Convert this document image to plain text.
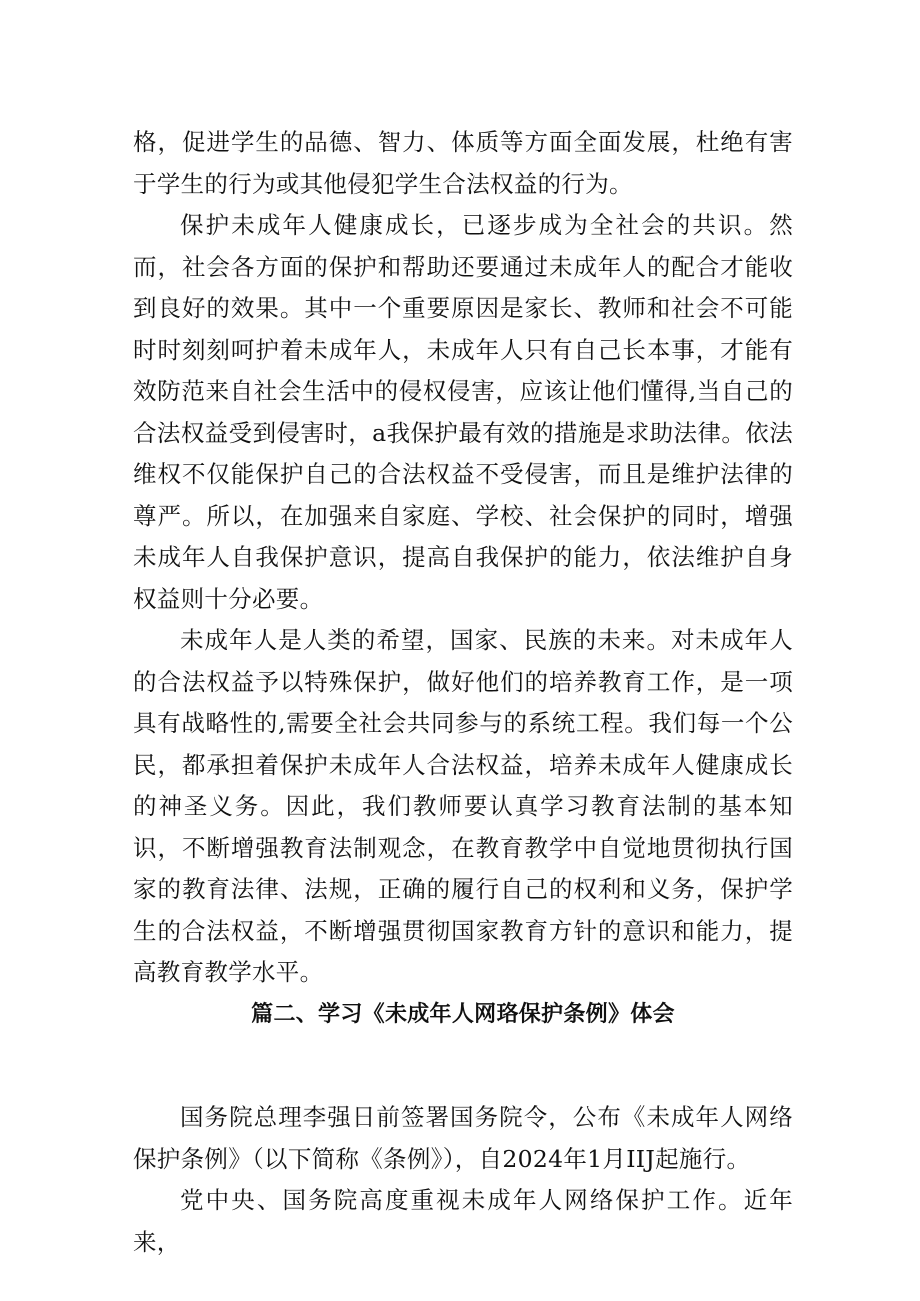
格，促进学生的品德、智力、体质等方面全面发展，杜绝有害于学生的行为或其他侵犯学生合法权益的行为。

保护未成年人健康成长，已逐步成为全社会的共识。然而，社会各方面的保护和帮助还要通过未成年人的配合才能收到良好的效果。其中一个重要原因是家长、教师和社会不可能时时刻刻呵护着未成年人，未成年人只有自己长本事，才能有效防范来自社会生活中的侵权侵害，应该让他们懂得,当自己的合法权益受到侵害时，a我保护最有效的措施是求助法律。依法维权不仅能保护自己的合法权益不受侵害，而且是维护法律的尊严。所以，在加强来自家庭、学校、社会保护的同时，增强未成年人自我保护意识，提高自我保护的能力，依法维护自身权益则十分必要。

未成年人是人类的希望，国家、民族的未来。对未成年人的合法权益予以特殊保护，做好他们的培养教育工作，是一项具有战略性的,需要全社会共同参与的系统工程。我们每一个公民，都承担着保护未成年人合法权益，培养未成年人健康成长的神圣义务。因此，我们教师要认真学习教育法制的基本知识，不断增强教育法制观念，在教育教学中自觉地贯彻执行国家的教育法律、法规，正确的履行自己的权利和义务，保护学生的合法权益，不断增强贯彻国家教育方针的意识和能力，提高教育教学水平。

篇二、学习《未成年人网珞保护条例》体会

国务院总理李强日前签署国务院令，公布《未成年人网络保护条例》（以下简称《条例》），自2024年1月IIJ起施行。

党中央、国务院高度重视未成年人网络保护工作。近年来，
